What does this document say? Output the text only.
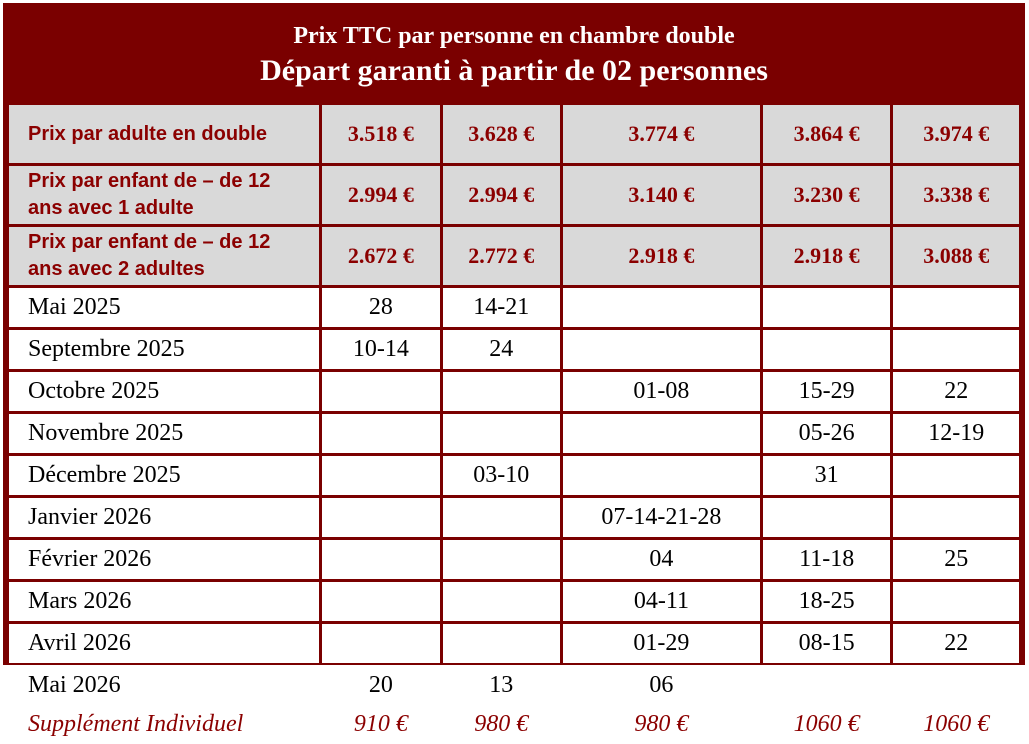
Prix TTC par personne en chambre double
Départ garanti à partir de 02 personnes
Prix par adulte en double	3.518 €	3.628 €	3.774 €	3.864 €	3.974 €
Prix par enfant de – de 12 ans avec 1 adulte	2.994 €	2.994 €	3.140 €	3.230 €	3.338 €
Prix par enfant de – de 12 ans avec 2 adultes	2.672 €	2.772 €	2.918 €	2.918 €	3.088 €
Mai 2025	28	14-21			
Septembre 2025	10-14	24			
Octobre 2025			01-08	15-29	22
Novembre 2025				05-26	12-19
Décembre 2025		03-10		31	
Janvier 2026			07-14-21-28		
Février 2026			04	11-18	25
Mars 2026			04-11	18-25	
Avril 2026			01-29	08-15	22
Mai 2026	20	13	06		
Supplément Individuel	910 €	980 €	980 €	1060 €	1060 €
